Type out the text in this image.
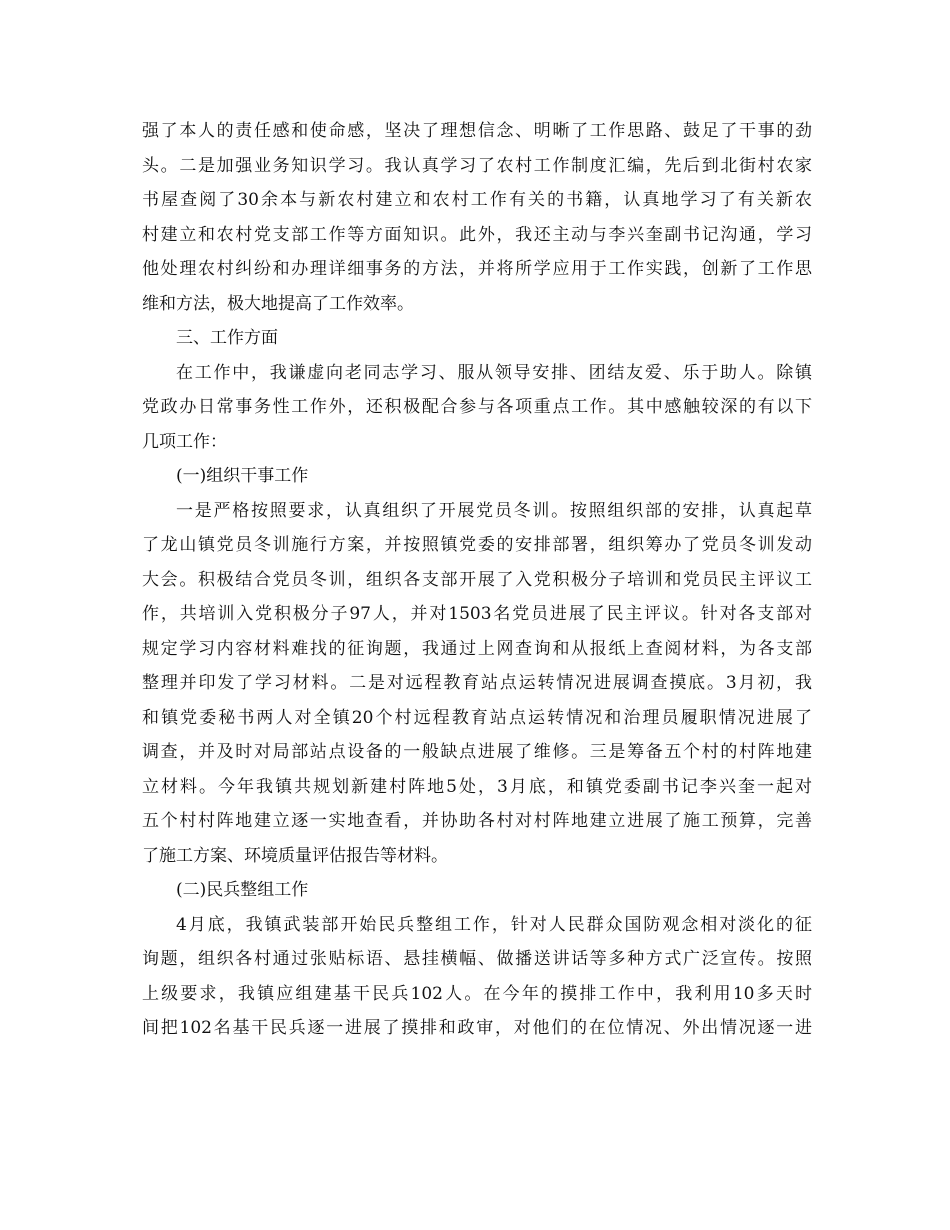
强了本人的责任感和使命感，坚决了理想信念、明晰了工作思路、鼓足了干事的劲
头。二是加强业务知识学习。我认真学习了农村工作制度汇编，先后到北街村农家
书屋查阅了30余本与新农村建立和农村工作有关的书籍，认真地学习了有关新农
村建立和农村党支部工作等方面知识。此外，我还主动与李兴奎副书记沟通，学习
他处理农村纠纷和办理详细事务的方法，并将所学应用于工作实践，创新了工作思
维和方法，极大地提高了工作效率。
三、工作方面
在工作中，我谦虚向老同志学习、服从领导安排、团结友爱、乐于助人。除镇
党政办日常事务性工作外，还积极配合参与各项重点工作。其中感触较深的有以下
几项工作：
(一)组织干事工作
一是严格按照要求，认真组织了开展党员冬训。按照组织部的安排，认真起草
了龙山镇党员冬训施行方案，并按照镇党委的安排部署，组织筹办了党员冬训发动
大会。积极结合党员冬训，组织各支部开展了入党积极分子培训和党员民主评议工
作，共培训入党积极分子97人，并对1503名党员进展了民主评议。针对各支部对
规定学习内容材料难找的征询题，我通过上网查询和从报纸上查阅材料，为各支部
整理并印发了学习材料。二是对远程教育站点运转情况进展调查摸底。3月初，我
和镇党委秘书两人对全镇20个村远程教育站点运转情况和治理员履职情况进展了
调查，并及时对局部站点设备的一般缺点进展了维修。三是筹备五个村的村阵地建
立材料。今年我镇共规划新建村阵地5处，3月底，和镇党委副书记李兴奎一起对
五个村村阵地建立逐一实地查看，并协助各村对村阵地建立进展了施工预算，完善
了施工方案、环境质量评估报告等材料。
(二)民兵整组工作
4月底，我镇武装部开始民兵整组工作，针对人民群众国防观念相对淡化的征
询题，组织各村通过张贴标语、悬挂横幅、做播送讲话等多种方式广泛宣传。按照
上级要求，我镇应组建基干民兵102人。在今年的摸排工作中，我利用10多天时
间把102名基干民兵逐一进展了摸排和政审，对他们的在位情况、外出情况逐一进
